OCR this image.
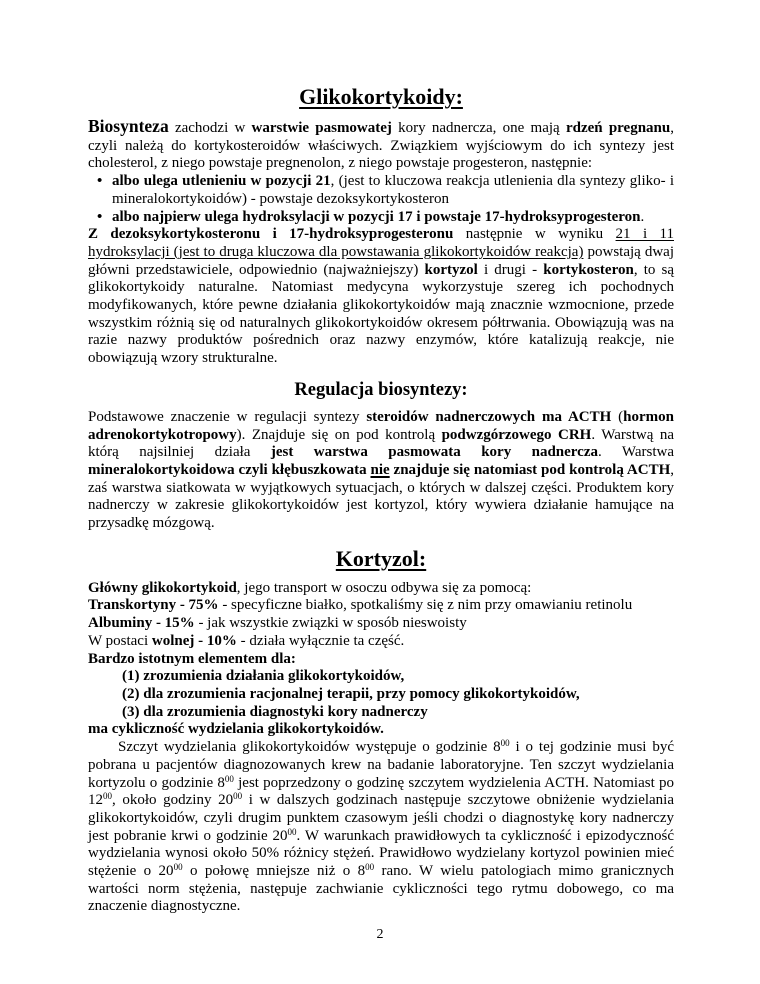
Glikokortykoidy:
Biosynteza zachodzi w warstwie pasmowatej kory nadnercza, one mają rdzeń pregnanu, czyli należą do kortykosteroidów właściwych. Związkiem wyjściowym do ich syntezy jest cholesterol, z niego powstaje pregnenolon, z niego powstaje progesteron, następnie:
• albo ulega utlenieniu w pozycji 21, (jest to kluczowa reakcja utlenienia dla syntezy gliko- i mineralokortykoidów) - powstaje dezoksykortykosteron
• albo najpierw ulega hydroksylacji w pozycji 17 i powstaje 17-hydroksyprogesteron.
Z dezoksykortykosteronu i 17-hydroksyprogesteronu następnie w wyniku 21 i 11 hydroksylacji (jest to druga kluczowa dla powstawania glikokortykoidów reakcja) powstają dwaj główni przedstawiciele, odpowiednio (najważniejszy) kortyzol i drugi - kortykosteron, to są glikokortykoidy naturalne. Natomiast medycyna wykorzystuje szereg ich pochodnych modyfikowanych, które pewne działania glikokortykoidów mają znacznie wzmocnione, przede wszystkim różnią się od naturalnych glikokortykoidów okresem półtrwania. Obowiązują was na razie nazwy produktów pośrednich oraz nazwy enzymów, które katalizują reakcje, nie obowiązują wzory strukturalne.
Regulacja biosyntezy:
Podstawowe znaczenie w regulacji syntezy steroidów nadnerczowych ma ACTH (hormon adrenokortykotropowy). Znajduje się on pod kontrolą podwzgórzowego CRH. Warstwą na którą najsilniej działa jest warstwa pasmowata kory nadnercza. Warstwa mineralokortykoidowa czyli kłębuszkowata nie znajduje się natomiast pod kontrolą ACTH, zaś warstwa siatkowata w wyjątkowych sytuacjach, o których w dalszej części. Produktem kory nadnerczy w zakresie glikokortykoidów jest kortyzol, który wywiera działanie hamujące na przysadkę mózgową.
Kortyzol:
Główny glikokortykoid, jego transport w osoczu odbywa się za pomocą:
Transkortyny - 75% - specyficzne białko, spotkaliśmy się z nim przy omawianiu retinolu
Albuminy - 15% - jak wszystkie związki w sposób nieswoisty
W postaci wolnej - 10% - działa wyłącznie ta część.
Bardzo istotnym elementem dla:
(1) zrozumienia działania glikokortykoidów,
(2) dla zrozumienia racjonalnej terapii, przy pomocy glikokortykoidów,
(3) dla zrozumienia diagnostyki kory nadnerczy
ma cykliczność wydzielania glikokortykoidów.
Szczyt wydzielania glikokortykoidów występuje o godzinie $8^{00}$ i o tej godzinie musi być pobrana u pacjentów diagnozowanych krew na badanie laboratoryjne. Ten szczyt wydzielania kortyzolu o godzinie $8^{00}$ jest poprzedzony o godzinę szczytem wydzielenia ACTH. Natomiast po $12^{00}$, około godziny $20^{00}$ i w dalszych godzinach następuje szczytowe obniżenie wydzielania glikokortykoidów, czyli drugim punktem czasowym jeśli chodzi o diagnostykę kory nadnerczy jest pobranie krwi o godzinie $20^{00}$. W warunkach prawidłowych ta cykliczność i epizodyczność wydzielania wynosi około 50% różnicy stężeń. Prawidłowo wydzielany kortyzol powinien mieć stężenie o $20^{00}$ o połowę mniejsze niż o $8^{00}$ rano. W wielu patologiach mimo granicznych wartości norm stężenia, następuje zachwianie cykliczności tego rytmu dobowego, co ma znaczenie diagnostyczne.
2
